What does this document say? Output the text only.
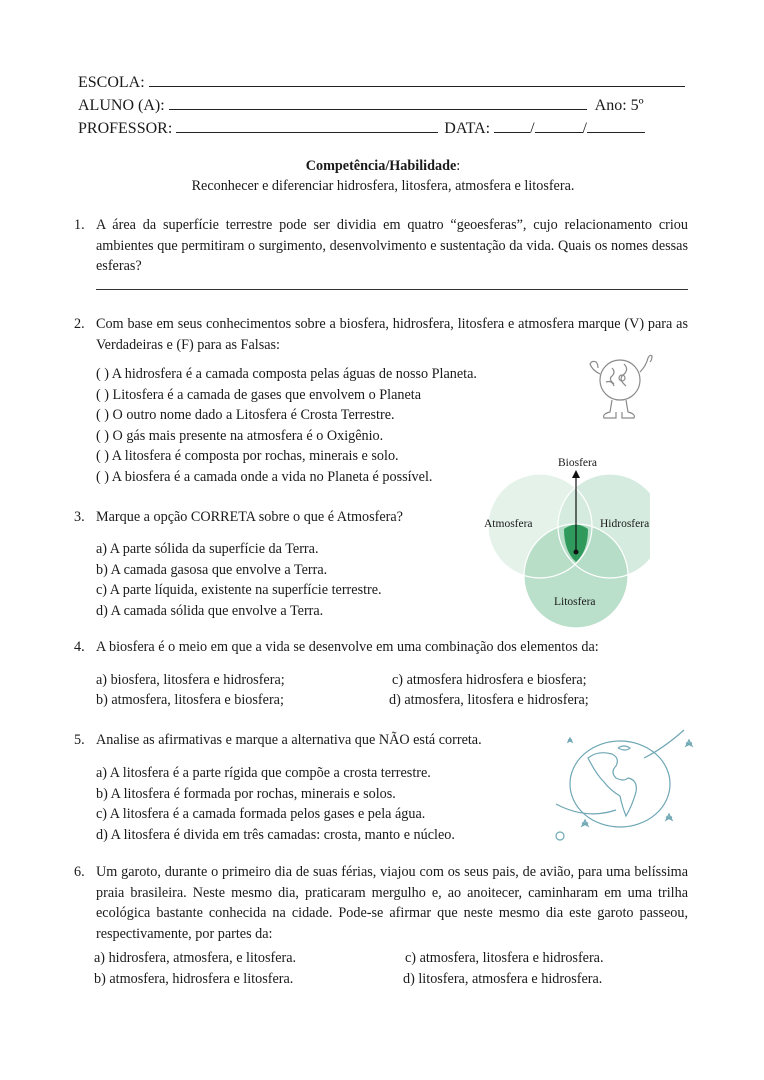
ESCOLA:
ALUNO (A):	Ano: 5º
PROFESSOR:	DATA:	/	/
Competência/Habilidade:
Reconhecer e diferenciar hidrosfera, litosfera, atmosfera e litosfera.
1. A área da superfície terrestre pode ser dividia em quatro “geoesferas”, cujo relacionamento criou ambientes que permitiram o surgimento, desenvolvimento e sustentação da vida. Quais os nomes dessas esferas?
2. Com base em seus conhecimentos sobre a biosfera, hidrosfera, litosfera e atmosfera marque (V) para as Verdadeiras e (F) para as Falsas:
( ) A hidrosfera é a camada composta pelas águas de nosso Planeta.
( ) Litosfera é a camada de gases que envolvem o Planeta
( ) O outro nome dado a Litosfera é Crosta Terrestre.
( ) O gás mais presente na atmosfera é o Oxigênio.
( ) A litosfera é composta por rochas, minerais e solo.
( ) A biosfera é a camada onde a vida no Planeta é possível.
Biosfera
Atmosfera	Hidrosfera
Litosfera
3. Marque a opção CORRETA sobre o que é Atmosfera?
a) A parte sólida da superfície da Terra.
b) A camada gasosa que envolve a Terra.
c) A parte líquida, existente na superfície terrestre.
d) A camada sólida que envolve a Terra.
4. A biosfera é o meio em que a vida se desenvolve em uma combinação dos elementos da:
a) biosfera, litosfera e hidrosfera;
b) atmosfera, litosfera e biosfera;
c) atmosfera hidrosfera e biosfera;
d) atmosfera, litosfera e hidrosfera;
5. Analise as afirmativas e marque a alternativa que NÃO está correta.
a) A litosfera é a parte rígida que compõe a crosta terrestre.
b) A litosfera é formada por rochas, minerais e solos.
c) A litosfera é a camada formada pelos gases e pela água.
d) A litosfera é divida em três camadas: crosta, manto e núcleo.
6. Um garoto, durante o primeiro dia de suas férias, viajou com os seus pais, de avião, para uma belíssima praia brasileira. Neste mesmo dia, praticaram mergulho e, ao anoitecer, caminharam em uma trilha ecológica bastante conhecida na cidade. Pode-se afirmar que neste mesmo dia este garoto passeou, respectivamente, por partes da:
a) hidrosfera, atmosfera, e litosfera.
b) atmosfera, hidrosfera e litosfera.
c) atmosfera, litosfera e hidrosfera.
d) litosfera, atmosfera e hidrosfera.
